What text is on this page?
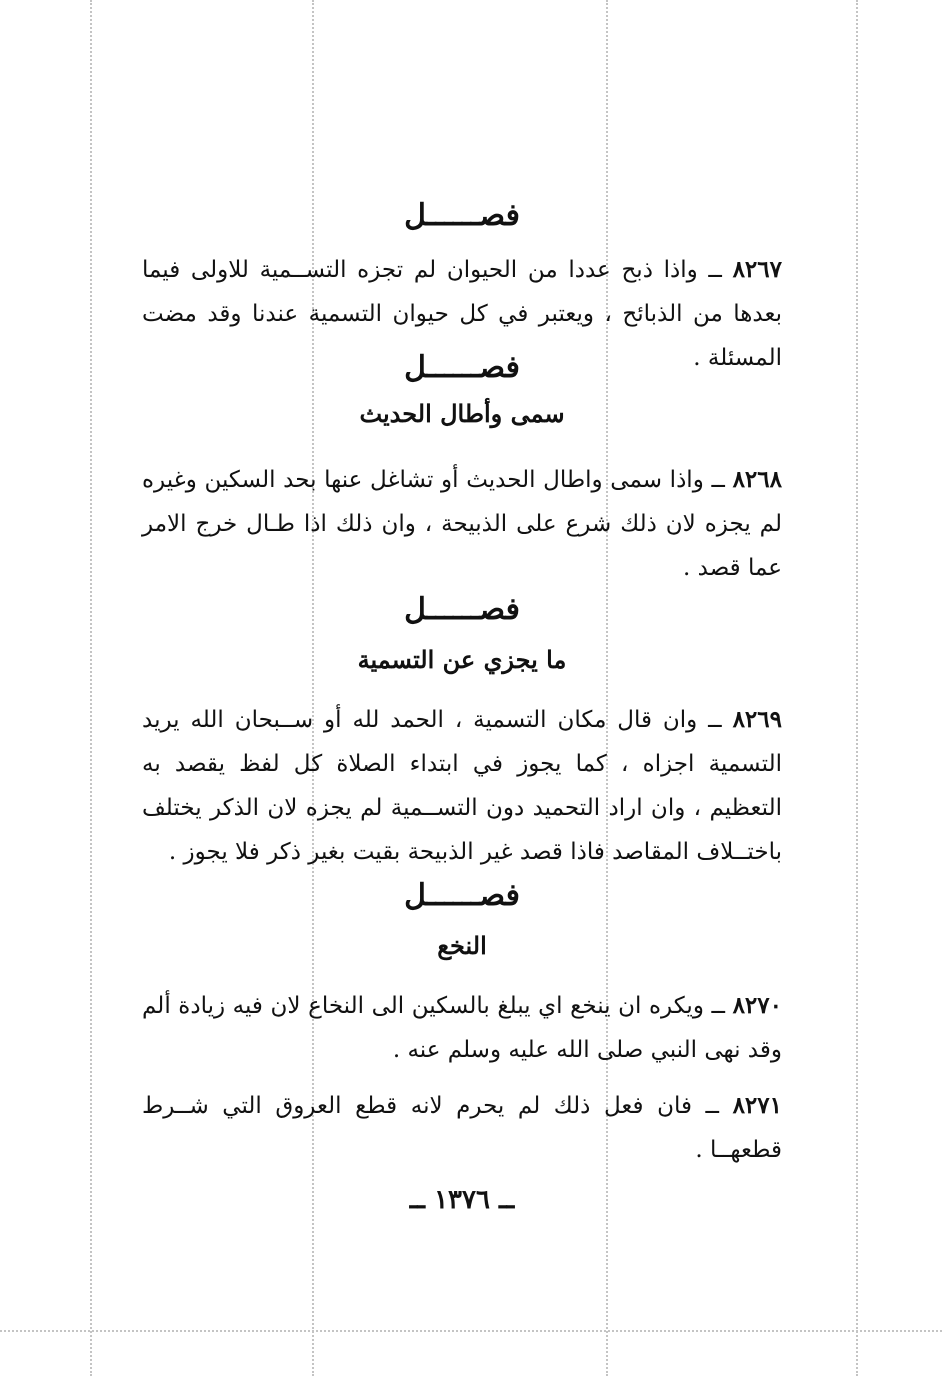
فصــــــل
٨٢٦٧ ــ واذا ذبح عددا من الحيوان لم تجزه التســمية للاولى فيما بعدها من الذبائح ، ويعتبر في كل حيوان التسمية عندنا وقد مضت المسئلة .
فصــــــل
سمى وأطال الحديث
٨٢٦٨ ــ واذا سمى واطال الحديث أو تشاغل عنها بحد السكين وغيره لم يجزه لان ذلك شرع على الذبيحة ، وان ذلك اذا طـال خرج الامر عما قصد .
فصــــــل
ما يجزي عن التسمية
٨٢٦٩ ــ وان قال مكان التسمية ، الحمد لله أو ســبحان الله يريد التسمية اجزاه ، كما يجوز في ابتداء الصلاة كل لفظ يقصد به التعظيم ، وان اراد التحميد دون التســمية لم يجزه لان الذكر يختلف باختــلاف المقاصد فاذا قصد غير الذبيحة بقيت بغير ذكر فلا يجوز .
فصــــــل
النخع
٨٢٧٠ ــ ويكره ان ينخع اي يبلغ بالسكين الى النخاع لان فيه زيادة ألم وقد نهى النبي صلى الله عليه وسلم عنه .
٨٢٧١ ــ فان فعل ذلك لم يحرم لانه قطع العروق التي شــرط قطعهــا .
ــ ١٣٧٦ ــ
